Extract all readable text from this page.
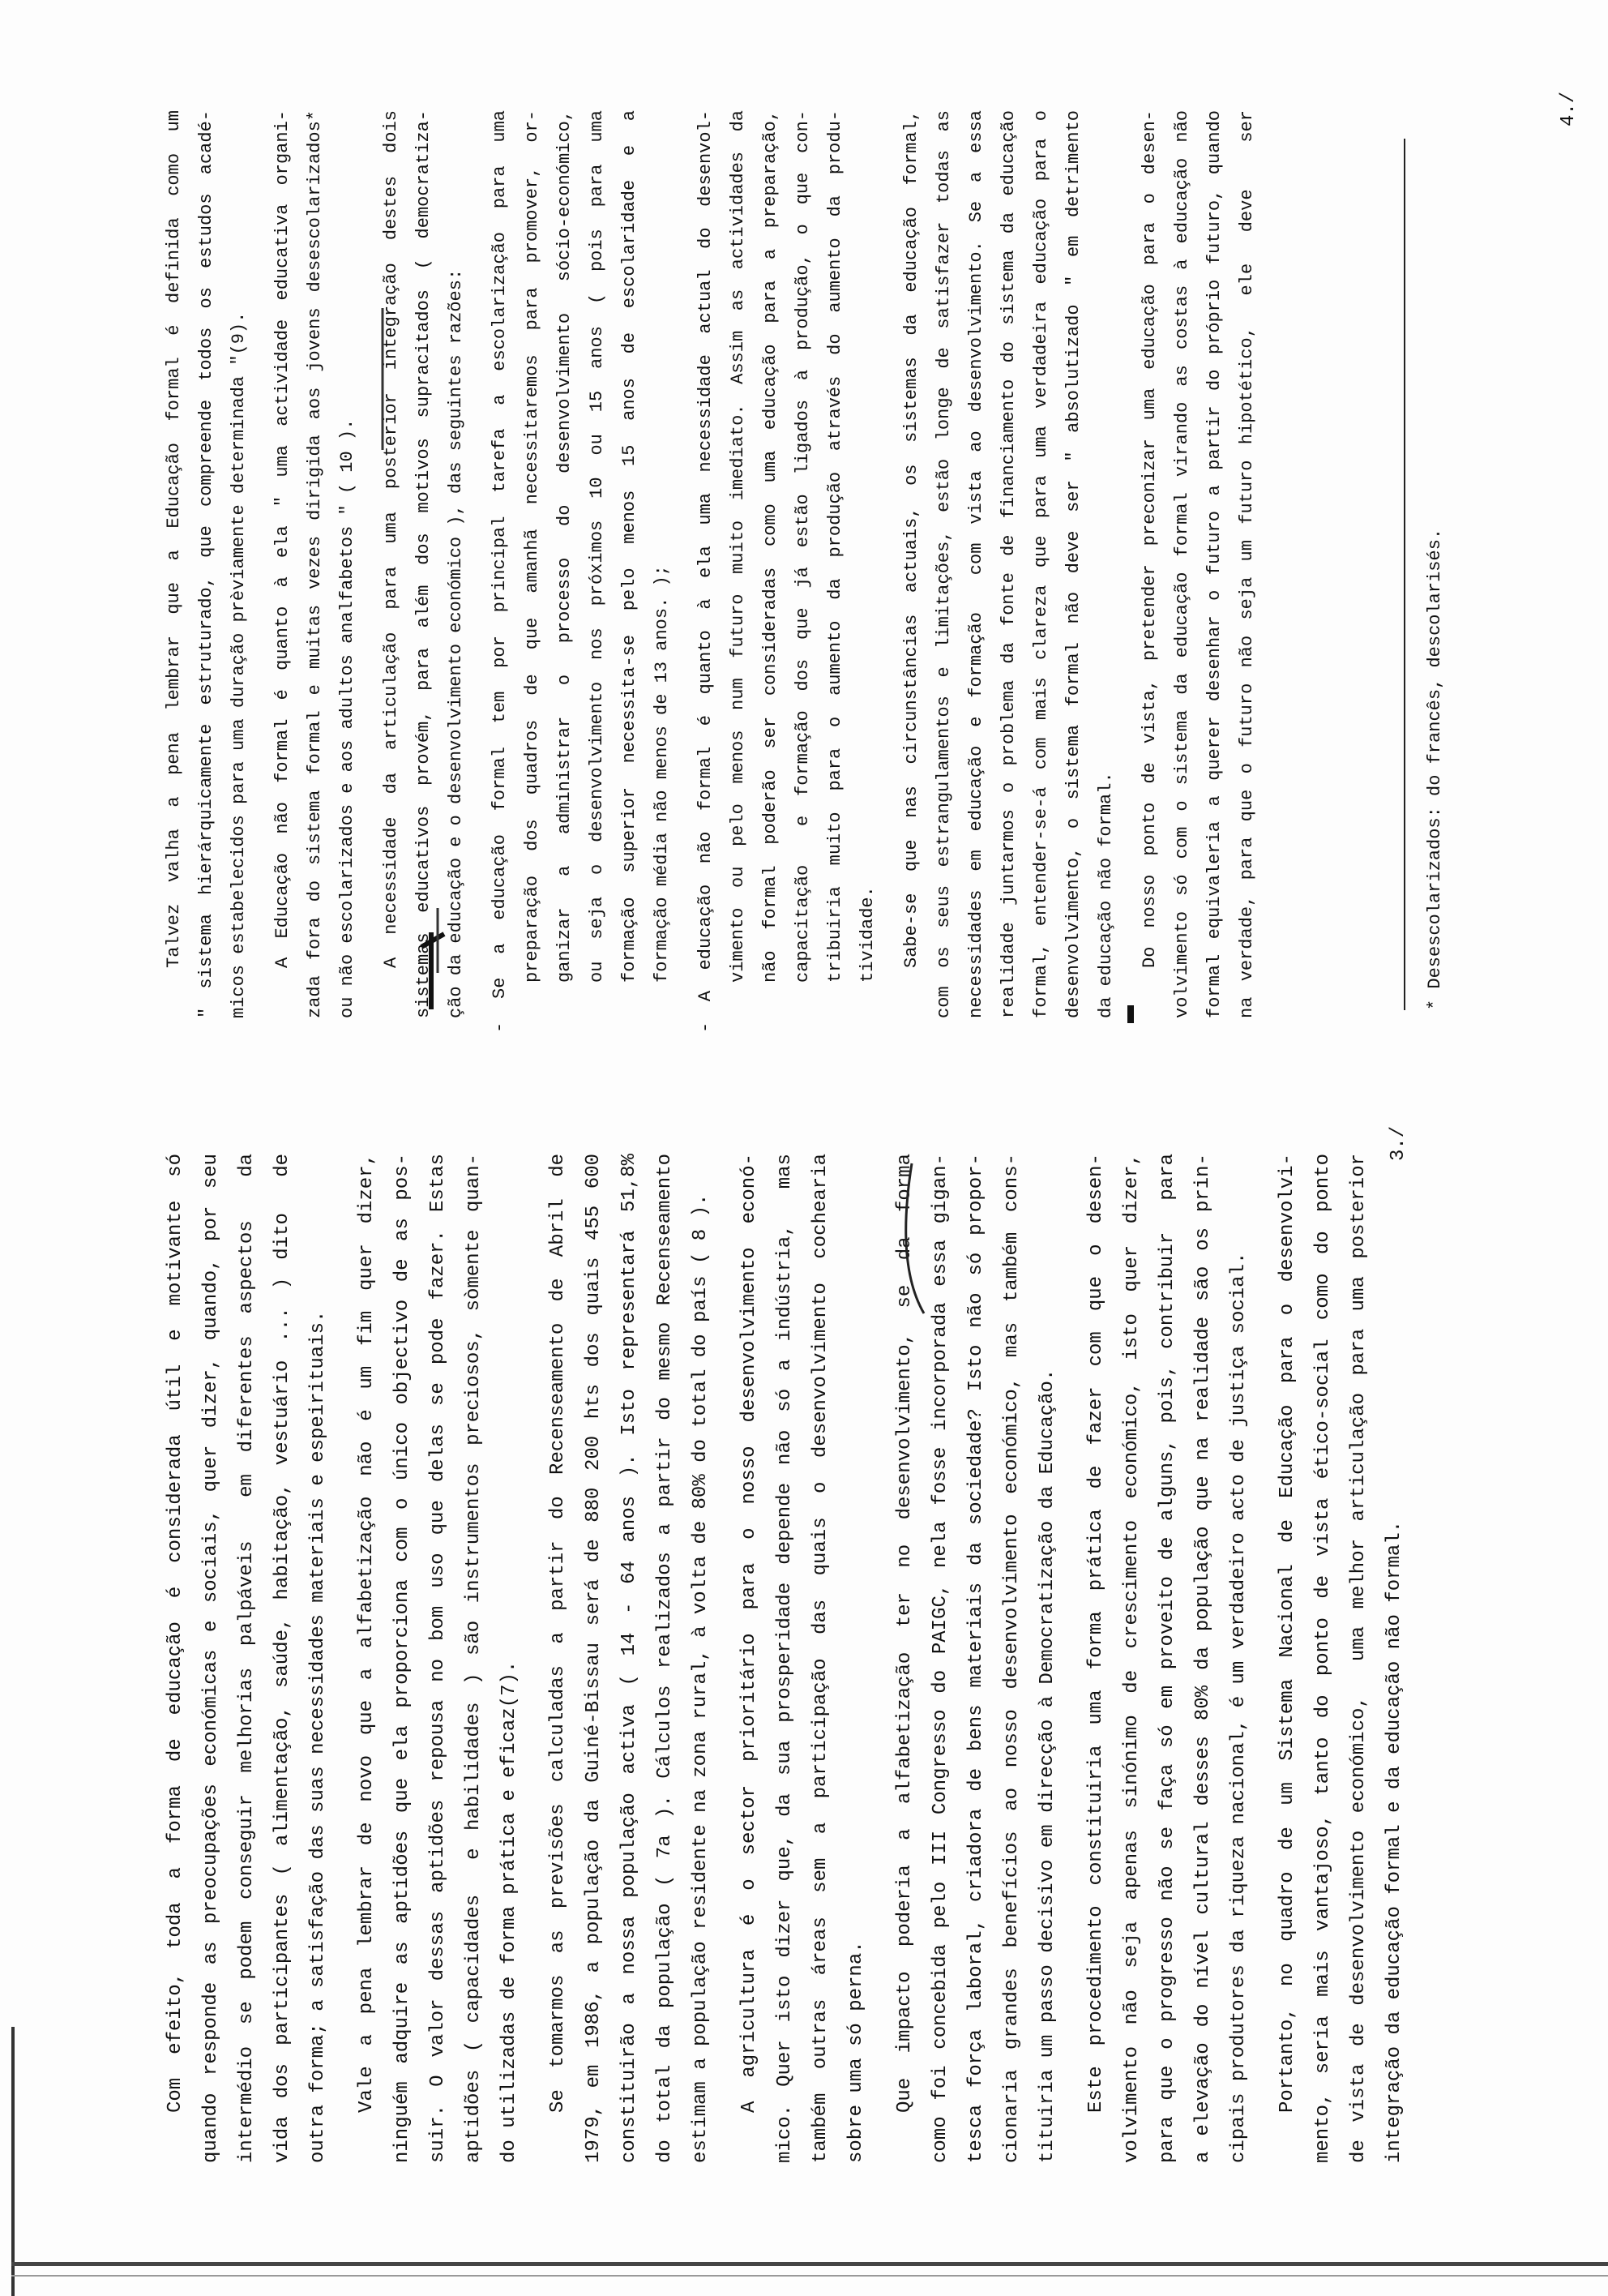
Com efeito, toda a forma de educação é considerada útil e motivante só quando responde as preocupações económicas e sociais, quer dizer, quando, por seu intermédio se podem conseguir melhorias palpáveis  em diferentes aspectos  da vida dos participantes ( alimentação, saúde, habitação, vestuário ... ) dito  de outra forma; a satisfação das suas necessidades materiais e espeirituais.	Vale a pena lembrar de novo que a alfabetização não é um fim quer dizer, ninguém adquire as aptidões que ela proporciona com o único objectivo de as pos- suir. O valor dessas aptidões repousa no bom uso que delas se pode fazer. Estas aptidões ( capacidades  e habilidades ) são instrumentos preciosos, sòmente quan- do utilizadas de forma prática e eficaz(7).	Se tomarmos as previsões calculadas a partir do Recenseamento de Abril de 1979, em 1986, a população da Guiné-Bissau será de 880 200 hts dos quais 455 600 constituirão a nossa população activa ( 14 - 64 anos ). Isto representará 51,8% do total da população ( 7a ). Cálculos realizados a partir do mesmo Recenseamento estimam a população residente na zona rural, à volta de 80% do total do país ( 8 ).	A agricultura é o sector prioritário para o nosso desenvolvimento econó- mico. Quer isto dizer que, da sua prosperidade depende não só a indústria,  mas também outras áreas sem a participação das quais o desenvolvimento cochearia sobre uma só perna.	Que impacto poderia a alfabetização ter no desenvolvimento, se da forma como foi concebida pelo III Congresso do PAIGC, nela fosse incorporada essa gigan- tesca força laboral, criadora de bens materiais da sociedade? Isto não só propor- cionaria grandes benefícios ao nosso desenvolvimento económico, mas também cons- tituiria um passo decisivo em direcção à Democratização da Educação.	Este procedimento constituiria uma forma prática de fazer com que o desen- volvimento não seja apenas sinónimo de crescimento económico, isto quer dizer, para que o progresso não se faça só em proveito de alguns, pois, contribuir  para a elevação do nível cultural desses 80% da população que na realidade são os prin- cipais produtores da riqueza nacional, é um verdadeiro acto de justiça social.	Portanto, no quadro de um Sistema Nacional de Educação para o desenvolvi- mento, seria mais vantajoso, tanto do ponto de vista ético-social como do ponto de vista de desenvolvimento económico,  uma melhor articulação para uma posterior integração da educação formal e da educação não formal.
Talvez valha a pena lembrar que a Educação formal é definida como um " sistema hierárquicamente estruturado, que compreende todos os estudos acadé- micos estabelecidos para uma duração prèviamente determinada "(9).	A Educação não formal é quanto à ela " uma actividade educativa organi- zada fora do sistema formal e muitas vezes dirigida aos jovens desescolarizados* ou não escolarizados e aos adultos analfabetos " ( 10 ).	A necessidade da articulação para uma posterior integração destes dois sistemas educativos provém, para além dos motivos supracitados ( democratiza- ção da educação e o desenvolvimento económico ), das seguintes razões:	- Se a educação formal tem por principal tarefa a escolarização para uma preparação dos quadros de que amanhã necessitaremos para promover, or- ganizar a administrar o processo do desenvolvimento sócio-económico, ou seja o desenvolvimento nos próximos 10 ou 15 anos ( pois para uma formação superior necessita-se pelo menos 15 anos de escolaridade e a formação média não menos de 13 anos. );	- A educação não formal é quanto à ela uma necessidade actual do desenvol- vimento ou pelo menos num futuro muito imediato. Assim as actividades da não formal poderão ser consideradas como uma educação para a preparação, capacitação  e formação dos que já estão ligados à produção, o que con- tribuiria muito para o aumento da produção através do aumento da produ- tividade.	Sabe-se que nas circunstâncias actuais, os sistemas da educação formal, com os seus estrangulamentos e limitações, estão longe de satisfazer todas as necessidades em educação e formação  com vista ao desenvolvimento. Se a essa realidade juntarmos o problema da fonte de financiamento do sistema da educação formal, entender-se-á com mais clareza que para uma verdadeira educação para o desenvolvimento, o sistema formal não deve ser " absolutizado " em detrimento da educação não formal.	Do nosso ponto de vista, pretender preconizar uma educação para o desen- volvimento só com o sistema da educação formal virando as costas à educação não formal equivaleria a querer desenhar o futuro a partir do próprio futuro, quando na verdade, para que o futuro não seja um futuro hipotético,  ele  deve   ser
3./
4./
* Desescolarizados: do francês, descolarisés.
